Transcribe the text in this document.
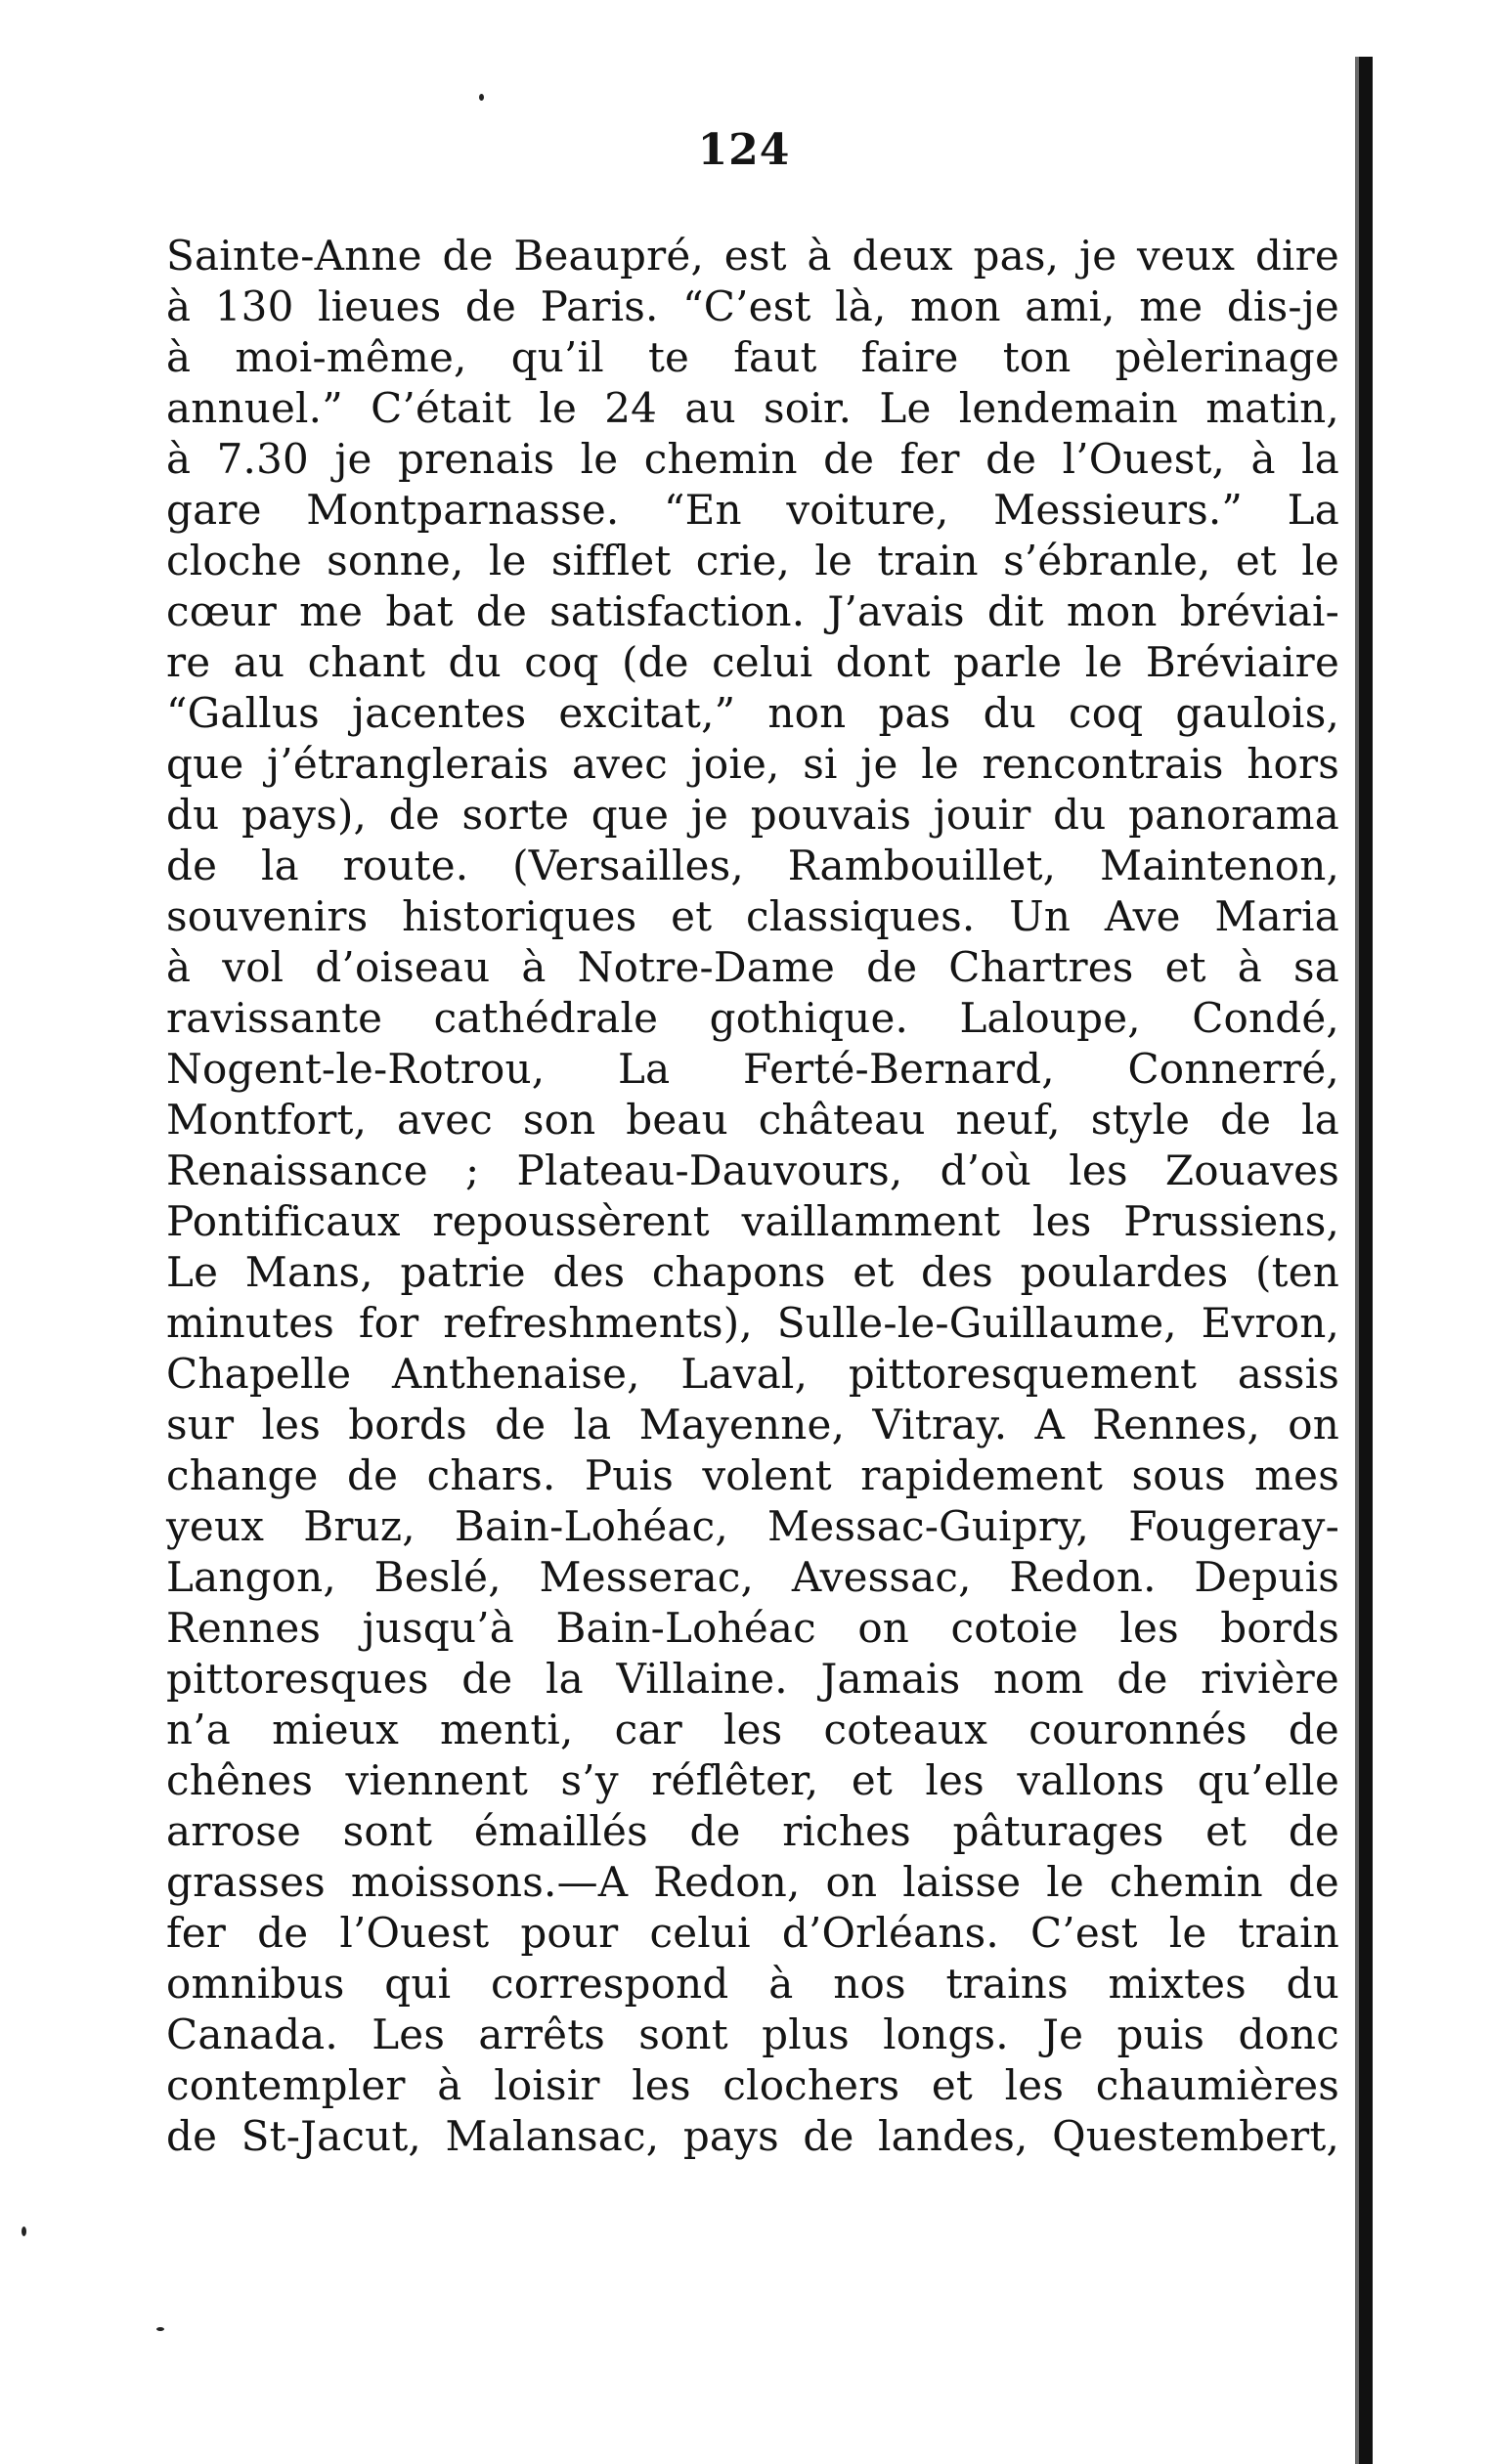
124
Sainte-Anne de Beaupré, est à deux pas, je veux dire
à 130 lieues de Paris. “C’est là, mon ami, me dis-je
à moi-même, qu’il te faut faire ton pèlerinage
annuel.” C’était le 24 au soir. Le lendemain matin,
à 7.30 je prenais le chemin de fer de l’Ouest, à la
gare Montparnasse. “En voiture, Messieurs.” La
cloche sonne, le sifflet crie, le train s’ébranle, et le
cœur me bat de satisfaction. J’avais dit mon bréviai-
re au chant du coq (de celui dont parle le Bréviaire
“Gallus jacentes excitat,” non pas du coq gaulois,
que j’étranglerais avec joie, si je le rencontrais hors
du pays), de sorte que je pouvais jouir du panorama
de la route. (Versailles, Rambouillet, Maintenon,
souvenirs historiques et classiques. Un Ave Maria
à vol d’oiseau à Notre-Dame de Chartres et à sa
ravissante cathédrale gothique. Laloupe, Condé,
Nogent-le-Rotrou, La Ferté-Bernard, Connerré,
Montfort, avec son beau château neuf, style de la
Renaissance ; Plateau-Dauvours, d’où les Zouaves
Pontificaux repoussèrent vaillamment les Prussiens,
Le Mans, patrie des chapons et des poulardes (ten
minutes for refreshments), Sulle-le-Guillaume, Evron,
Chapelle Anthenaise, Laval, pittoresquement assis
sur les bords de la Mayenne, Vitray. A Rennes, on
change de chars. Puis volent rapidement sous mes
yeux Bruz, Bain-Lohéac, Messac-Guipry, Fougeray-
Langon, Beslé, Messerac, Avessac, Redon. Depuis
Rennes jusqu’à Bain-Lohéac on cotoie les bords
pittoresques de la Villaine. Jamais nom de rivière
n’a mieux menti, car les coteaux couronnés de
chênes viennent s’y réflêter, et les vallons qu’elle
arrose sont émaillés de riches pâturages et de
grasses moissons.—A Redon, on laisse le chemin de
fer de l’Ouest pour celui d’Orléans. C’est le train
omnibus qui correspond à nos trains mixtes du
Canada. Les arrêts sont plus longs. Je puis donc
contempler à loisir les clochers et les chaumières
de St-Jacut, Malansac, pays de landes, Questembert,
